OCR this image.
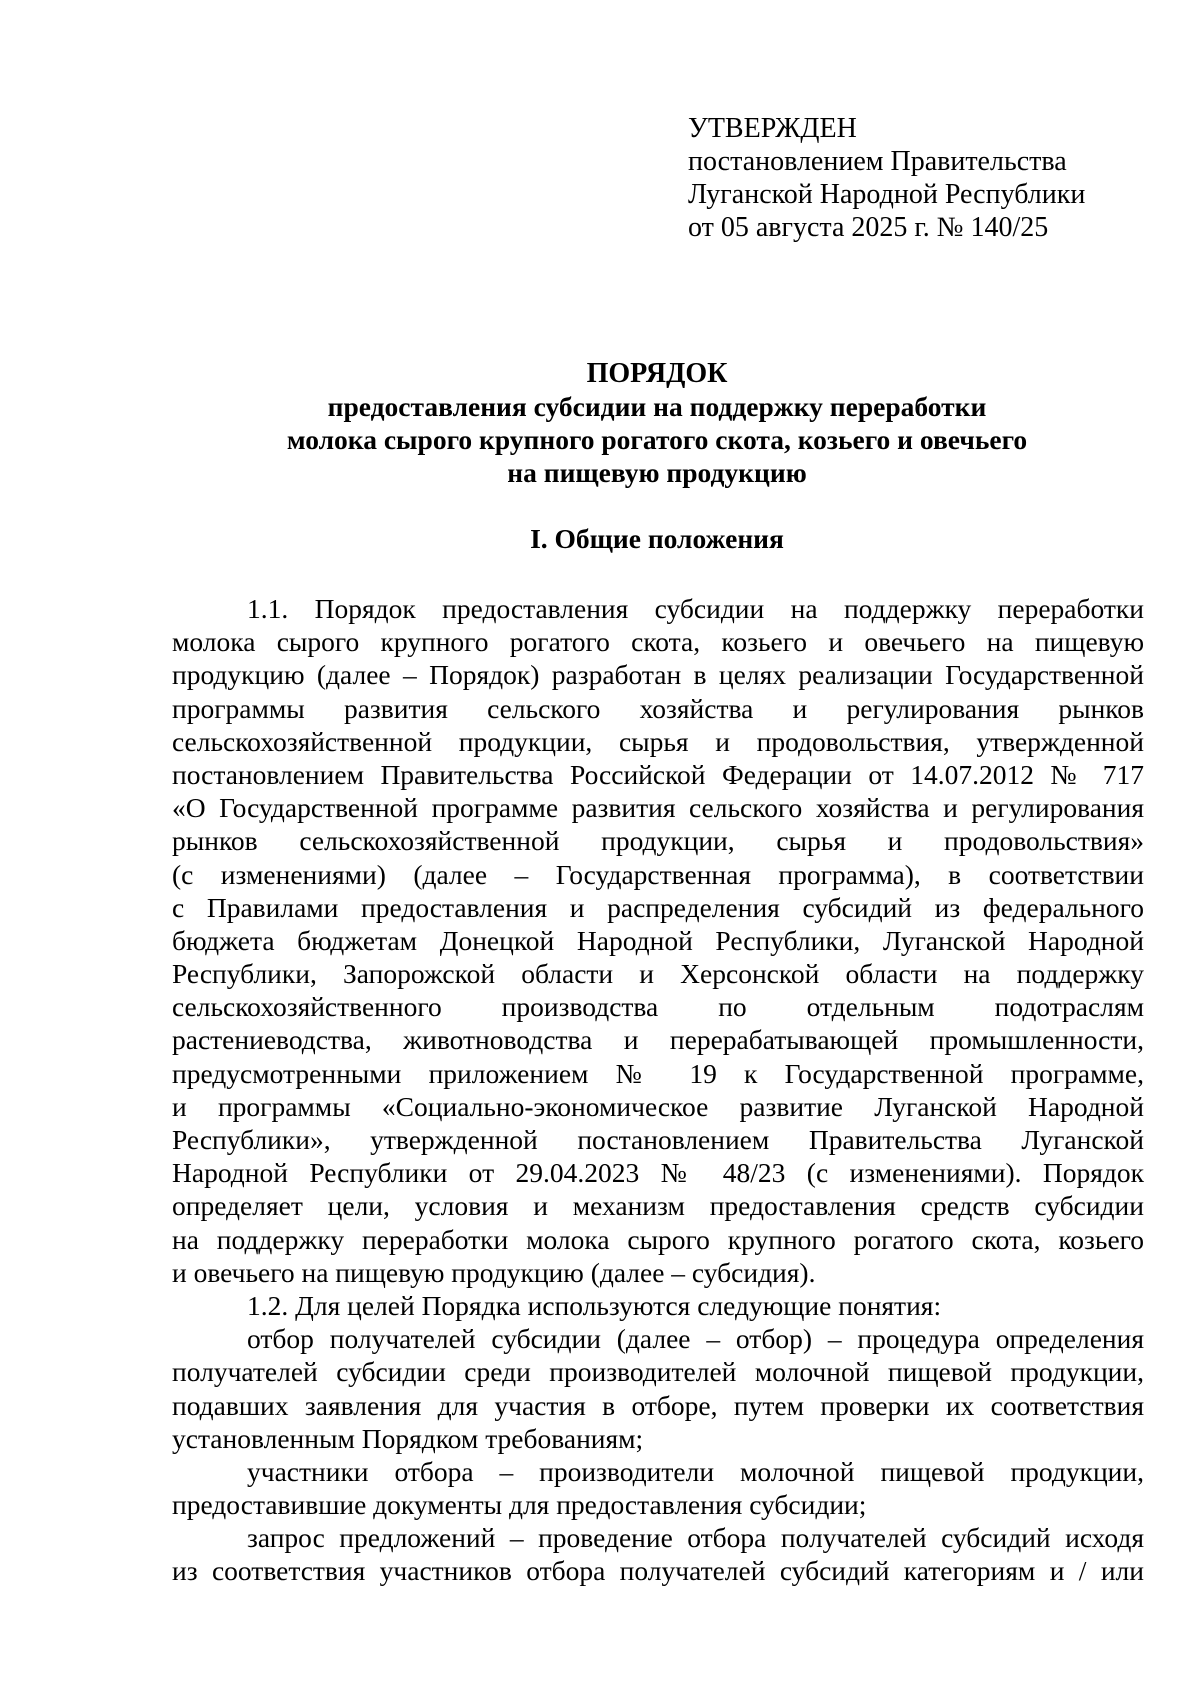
УТВЕРЖДЕН
постановлением Правительства
Луганской Народной Республики
от 05 августа 2025 г. № 140/25
ПОРЯДОК
предоставления субсидии на поддержку переработки
молока сырого крупного рогатого скота, козьего и овечьего
на пищевую продукцию
I. Общие положения
1.1. Порядок предоставления субсидии на поддержку переработки
молока сырого крупного рогатого скота, козьего и овечьего на пищевую
продукцию (далее – Порядок) разработан в целях реализации Государственной
программы развития сельского хозяйства и регулирования рынков
сельскохозяйственной продукции, сырья и продовольствия, утвержденной
постановлением Правительства Российской Федерации от 14.07.2012 № 717
«О Государственной программе развития сельского хозяйства и регулирования
рынков сельскохозяйственной продукции, сырья и продовольствия»
(с изменениями) (далее – Государственная программа), в соответствии
с Правилами предоставления и распределения субсидий из федерального
бюджета бюджетам Донецкой Народной Республики, Луганской Народной
Республики, Запорожской области и Херсонской области на поддержку
сельскохозяйственного производства по отдельным подотраслям
растениеводства, животноводства и перерабатывающей промышленности,
предусмотренными приложением № 19 к Государственной программе,
и программы «Социально-экономическое развитие Луганской Народной
Республики», утвержденной постановлением Правительства Луганской
Народной Республики от 29.04.2023 № 48/23 (с изменениями). Порядок
определяет цели, условия и механизм предоставления средств субсидии
на поддержку переработки молока сырого крупного рогатого скота, козьего
и овечьего на пищевую продукцию (далее – субсидия).
1.2. Для целей Порядка используются следующие понятия:
отбор получателей субсидии (далее – отбор) – процедура определения
получателей субсидии среди производителей молочной пищевой продукции,
подавших заявления для участия в отборе, путем проверки их соответствия
установленным Порядком требованиям;
участники отбора – производители молочной пищевой продукции,
предоставившие документы для предоставления субсидии;
запрос предложений – проведение отбора получателей субсидий исходя
из соответствия участников отбора получателей субсидий категориям и / или
